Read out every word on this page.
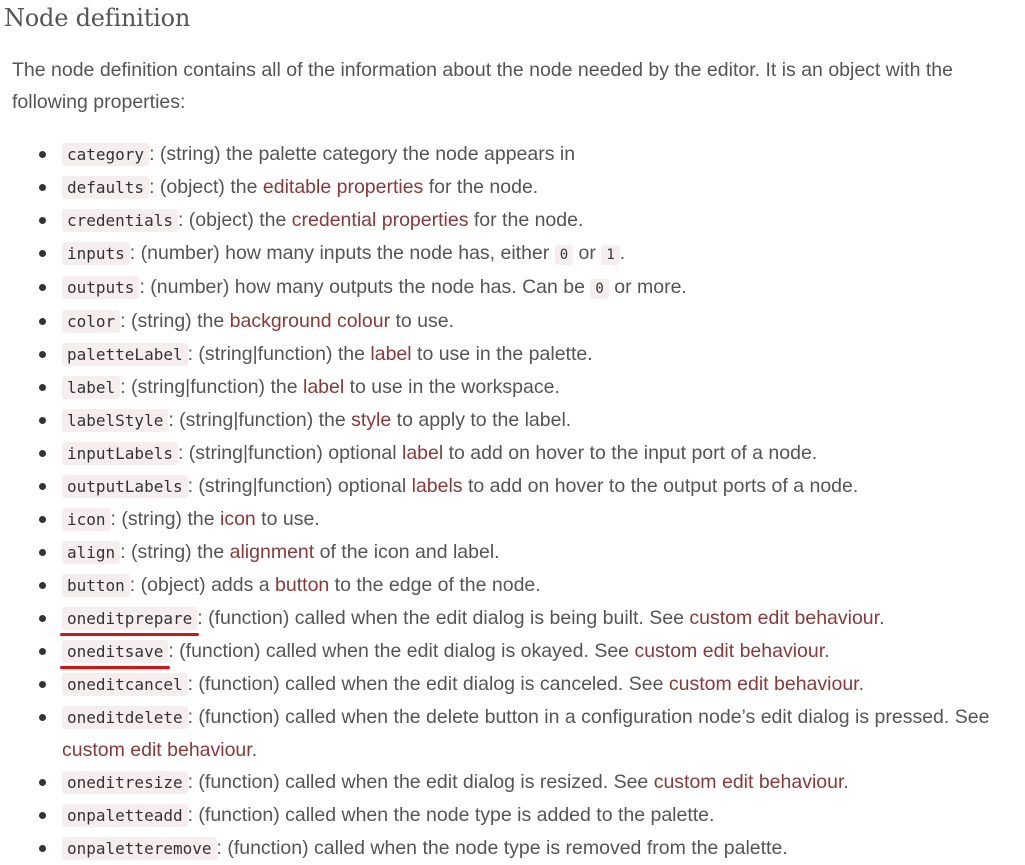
Node definition

The node definition contains all of the information about the node needed by the editor. It is an object with the following properties:

category : (string) the palette category the node appears in
defaults : (object) the editable properties for the node.
credentials : (object) the credential properties for the node.
inputs : (number) how many inputs the node has, either 0 or 1 .
outputs : (number) how many outputs the node has. Can be 0 or more.
color : (string) the background colour to use.
paletteLabel : (string|function) the label to use in the palette.
label : (string|function) the label to use in the workspace.
labelStyle : (string|function) the style to apply to the label.
inputLabels : (string|function) optional label to add on hover to the input port of a node.
outputLabels : (string|function) optional labels to add on hover to the output ports of a node.
icon : (string) the icon to use.
align : (string) the alignment of the icon and label.
button : (object) adds a button to the edge of the node.
oneditprepare : (function) called when the edit dialog is being built. See custom edit behaviour.
oneditsave : (function) called when the edit dialog is okayed. See custom edit behaviour.
oneditcancel : (function) called when the edit dialog is canceled. See custom edit behaviour.
oneditdelete : (function) called when the delete button in a configuration node’s edit dialog is pressed. See custom edit behaviour.
oneditresize : (function) called when the edit dialog is resized. See custom edit behaviour.
onpaletteadd : (function) called when the node type is added to the palette.
onpaletteremove : (function) called when the node type is removed from the palette.
